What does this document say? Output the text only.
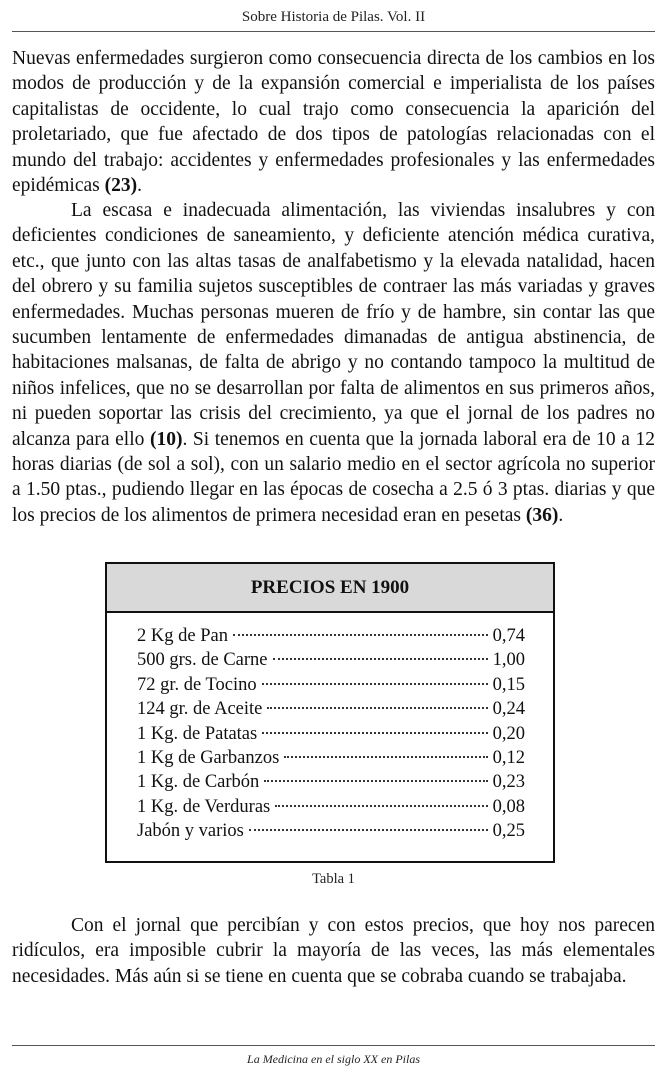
Sobre Historia de Pilas. Vol. II

Nuevas enfermedades surgieron como consecuencia directa de los cambios en los modos de producción y de la expansión comercial e imperialista de los países capitalistas de occidente, lo cual trajo como consecuencia la aparición del proletariado, que fue afectado de dos tipos de patologías relacionadas con el mundo del trabajo: accidentes y enfermedades profesionales y las enfermedades epidémicas (23).

La escasa e inadecuada alimentación, las viviendas insalubres y con deficientes condiciones de saneamiento, y deficiente atención médica curativa, etc., que junto con las altas tasas de analfabetismo y la elevada natalidad, hacen del obrero y su familia sujetos susceptibles de contraer las más variadas y graves enfermedades. Muchas personas mueren de frío y de hambre, sin contar las que sucumben lentamente de enfermedades dimanadas de antigua abstinencia, de habitaciones malsanas, de falta de abrigo y no contando tampoco la multitud de niños infelices, que no se desarrollan por falta de alimentos en sus primeros años, ni pueden soportar las crisis del crecimiento, ya que el jornal de los padres no alcanza para ello (10). Si tenemos en cuenta que la jornada laboral era de 10 a 12 horas diarias (de sol a sol), con un salario medio en el sector agrícola no superior a 1.50 ptas., pudiendo llegar en las épocas de cosecha a 2.5 ó 3 ptas. diarias y que los precios de los alimentos de primera necesidad eran en pesetas (36).

PRECIOS EN 1900
2 Kg de Pan	0,74
500 grs. de Carne	1,00
72 gr. de Tocino	0,15
124 gr. de Aceite	0,24
1 Kg. de Patatas	0,20
1 Kg de Garbanzos	0,12
1 Kg. de Carbón	0,23
1 Kg. de Verduras	0,08
Jabón y varios	0,25
Tabla 1

Con el jornal que percibían y con estos precios, que hoy nos parecen ridículos, era imposible cubrir la mayoría de las veces, las más elementales necesidades. Más aún si se tiene en cuenta que se cobraba cuando se trabajaba.

La Medicina en el siglo XX en Pilas
